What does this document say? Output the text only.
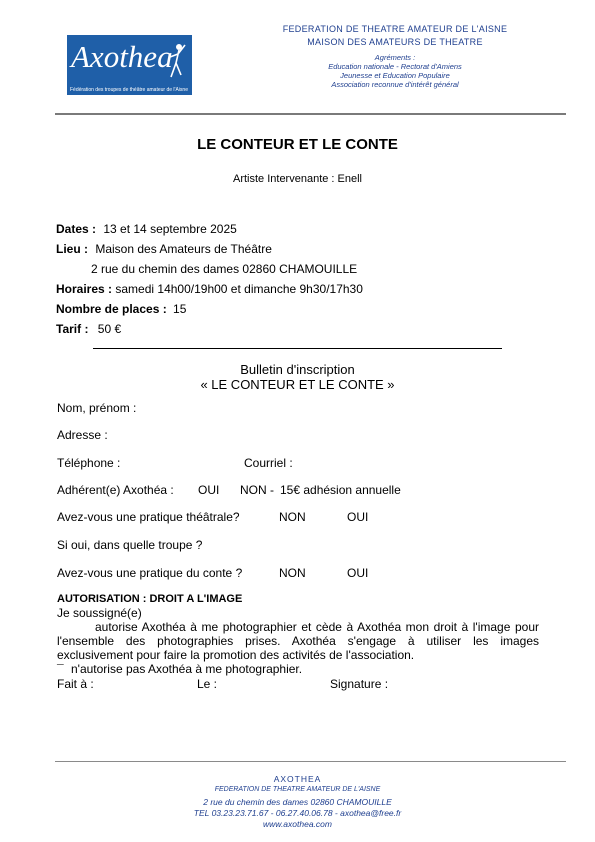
Axothea
Fédération des troupes de théâtre amateur de l'Aisne
FEDERATION DE THEATRE AMATEUR DE L'AISNE
MAISON DES AMATEURS DE THEATRE
Agréments :
Education nationale - Rectorat d'Amiens
Jeunesse et Education Populaire
Association reconnue d'intérêt général
LE CONTEUR ET LE CONTE
Artiste Intervenante : Enell
Dates : 13 et 14 septembre 2025
Lieu : Maison des Amateurs de Théâtre
2 rue du chemin des dames 02860 CHAMOUILLE
Horaires : samedi 14h00/19h00 et dimanche 9h30/17h30
Nombre de places : 15
Tarif : 50 €
Bulletin d'inscription
« LE CONTEUR ET LE CONTE »
Nom, prénom :
Adresse :
Téléphone :	Courriel :
Adhérent(e) Axothéa : OUI NON - 15€ adhésion annuelle
Avez-vous une pratique théâtrale?	NON	OUI
Si oui, dans quelle troupe ?
Avez-vous une pratique du conte ?	NON	OUI
AUTORISATION : DROIT A L'IMAGE
Je soussigné(e)
autorise Axothéa à me photographier et cède à Axothéa mon droit à l'image pour l'ensemble des photographies prises. Axothéa s'engage à utiliser les images exclusivement pour faire la promotion des activités de l'association.
¯ n'autorise pas Axothéa à me photographier.
Fait à :	Le :	Signature :
AXOTHEA
FEDERATION DE THEATRE AMATEUR DE L'AISNE
2 rue du chemin des dames 02860 CHAMOUILLE
TEL 03.23.23.71.67 - 06.27.40.06.78 - axothea@free.fr
www.axothea.com
